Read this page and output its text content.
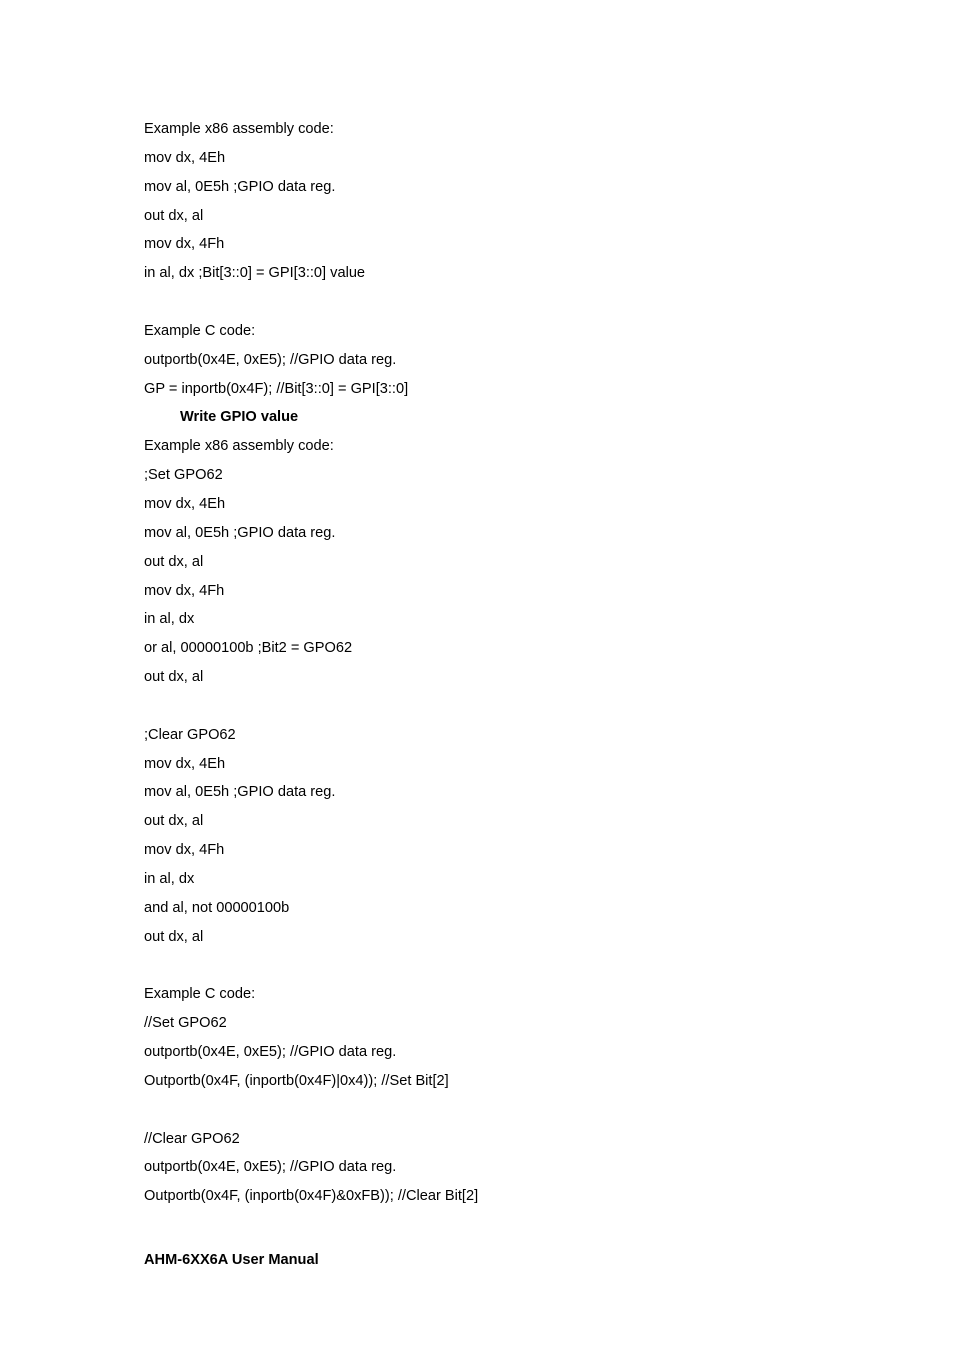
Example x86 assembly code:
mov dx, 4Eh
mov al, 0E5h ;GPIO data reg.
out dx, al
mov dx, 4Fh
in al, dx ;Bit[3::0] = GPI[3::0] value
Example C code:
outportb(0x4E, 0xE5); //GPIO data reg.
GP = inportb(0x4F); //Bit[3::0] = GPI[3::0]
Write GPIO value
Example x86 assembly code:
;Set GPO62
mov dx, 4Eh
mov al, 0E5h ;GPIO data reg.
out dx, al
mov dx, 4Fh
in al, dx
or al, 00000100b ;Bit2 = GPO62
out dx, al
;Clear GPO62
mov dx, 4Eh
mov al, 0E5h ;GPIO data reg.
out dx, al
mov dx, 4Fh
in al, dx
and al, not 00000100b
out dx, al
Example C code:
//Set GPO62
outportb(0x4E, 0xE5); //GPIO data reg.
Outportb(0x4F, (inportb(0x4F)|0x4)); //Set Bit[2]
//Clear GPO62
outportb(0x4E, 0xE5); //GPIO data reg.
Outportb(0x4F, (inportb(0x4F)&0xFB)); //Clear Bit[2]
AHM-6XX6A User Manual
